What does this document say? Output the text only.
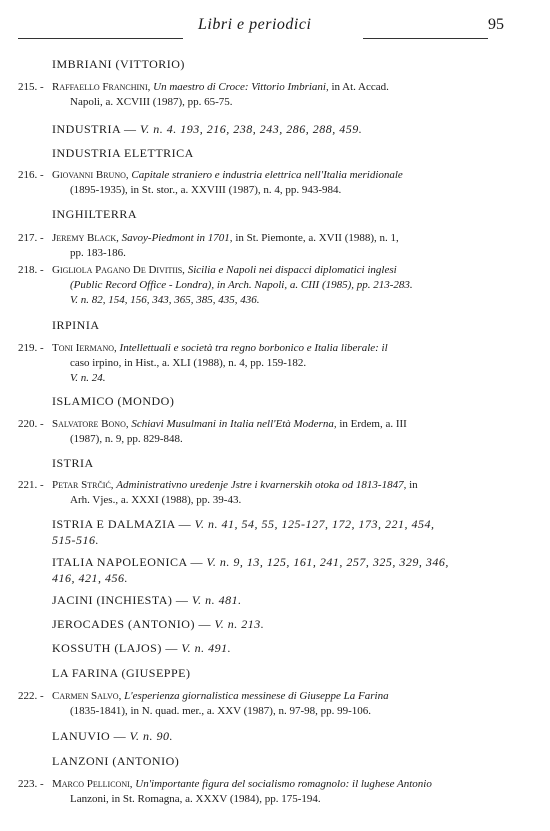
Libri e periodici	95
IMBRIANI (VITTORIO)
215. - Raffaello Franchini, Un maestro di Croce: Vittorio Imbriani, in At. Accad.
Napoli, a. XCVIII (1987), pp. 65-75.
INDUSTRIA — V. n. 4. 193, 216, 238, 243, 286, 288, 459.
INDUSTRIA ELETTRICA
216. - Giovanni Bruno, Capitale straniero e industria elettrica nell'Italia meridionale
(1895-1935), in St. stor., a. XXVIII (1987), n. 4, pp. 943-984.
INGHILTERRA
217. - Jeremy Black, Savoy-Piedmont in 1701, in St. Piemonte, a. XVII (1988), n. 1,
pp. 183-186.
218. - Gigliola Pagano De Divitiis, Sicilia e Napoli nei dispacci diplomatici inglesi
(Public Record Office - Londra), in Arch. Napoli, a. CIII (1985), pp. 213-283.
V. n. 82, 154, 156, 343, 365, 385, 435, 436.
IRPINIA
219. - Toni Iermano, Intellettuali e società tra regno borbonico e Italia liberale: il
caso irpino, in Hist., a. XLI (1988), n. 4, pp. 159-182.
V. n. 24.
ISLAMICO (MONDO)
220. - Salvatore Bono, Schiavi Musulmani in Italia nell'Età Moderna, in Erdem, a. III
(1987), n. 9, pp. 829-848.
ISTRIA
221. - Petar Strčić, Administrativno uredenje Jstre i kvarnerskih otoka od 1813-1847, in
Arh. Vjes., a. XXXI (1988), pp. 39-43.
ISTRIA E DALMAZIA — V. n. 41, 54, 55, 125-127, 172, 173, 221, 454,
515-516.
ITALIA NAPOLEONICA — V. n. 9, 13, 125, 161, 241, 257, 325, 329, 346,
416, 421, 456.
JACINI (INCHIESTA) — V. n. 481.
JEROCADES (ANTONIO) — V. n. 213.
KOSSUTH (LAJOS) — V. n. 491.
LA FARINA (GIUSEPPE)
222. - Carmen Salvo, L'esperienza giornalistica messinese di Giuseppe La Farina
(1835-1841), in N. quad. mer., a. XXV (1987), n. 97-98, pp. 99-106.
LANUVIO — V. n. 90.
LANZONI (ANTONIO)
223. - Marco Pelliconi, Un'importante figura del socialismo romagnolo: il lughese Antonio
Lanzoni, in St. Romagna, a. XXXV (1984), pp. 175-194.
